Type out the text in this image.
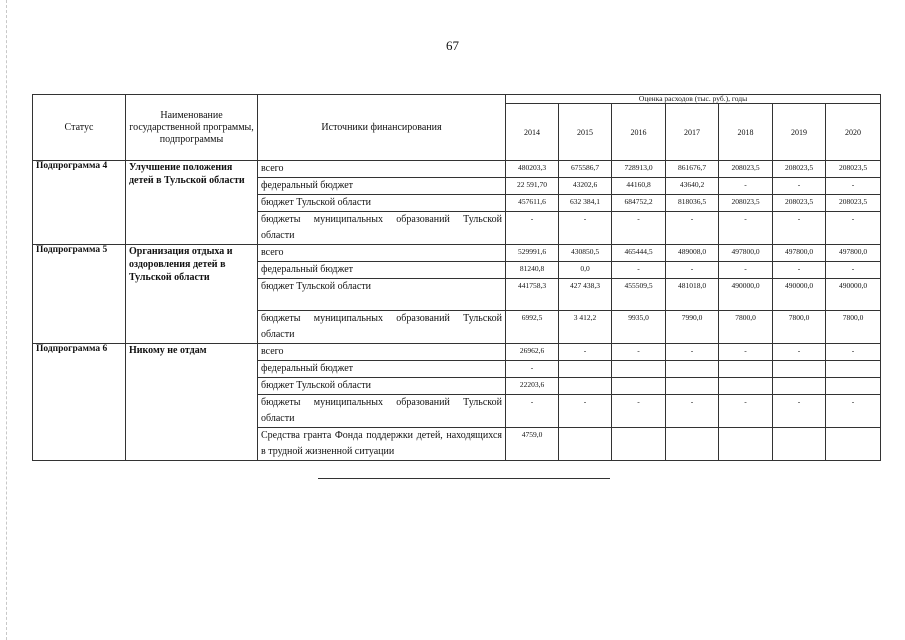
67
Статус	Наименование государственной программы, подпрограммы	Источники финансирования	Оценка расходов (тыс. руб.), годы						
			2014	2015	2016	2017	2018	2019	2020
Подпрограмма 4	Улучшение положения детей в Тульской области	всего	480203,3	675586,7	728913,0	861676,7	208023,5	208023,5	208023,5
		федеральный бюджет	22 591,70	43202,6	44160,8	43640,2	-	-	-
		бюджет Тульской области	457611,6	632 384,1	684752,2	818036,5	208023,5	208023,5	208023,5
		бюджеты муниципальных образований Тульской области	-	-	-	-	-	-	-
Подпрограмма 5	Организация отдыха и оздоровления детей в Тульской области	всего	529991,6	430850,5	465444,5	489008,0	497800,0	497800,0	497800,0
		федеральный бюджет	81240,8	0,0	-	-	-	-	-
		бюджет Тульской области	441758,3	427 438,3	455509,5	481018,0	490000,0	490000,0	490000,0
		бюджеты муниципальных образований Тульской области	6992,5	3 412,2	9935,0	7990,0	7800,0	7800,0	7800,0
Подпрограмма 6	Никому не отдам	всего	26962,6	-	-	-	-	-	-
		федеральный бюджет	-						
		бюджет Тульской области	22203,6						
		бюджеты муниципальных образований Тульской области	-	-	-	-	-	-	-
		Средства гранта Фонда поддержки детей, находящихся в трудной жизненной ситуации	4759,0						
